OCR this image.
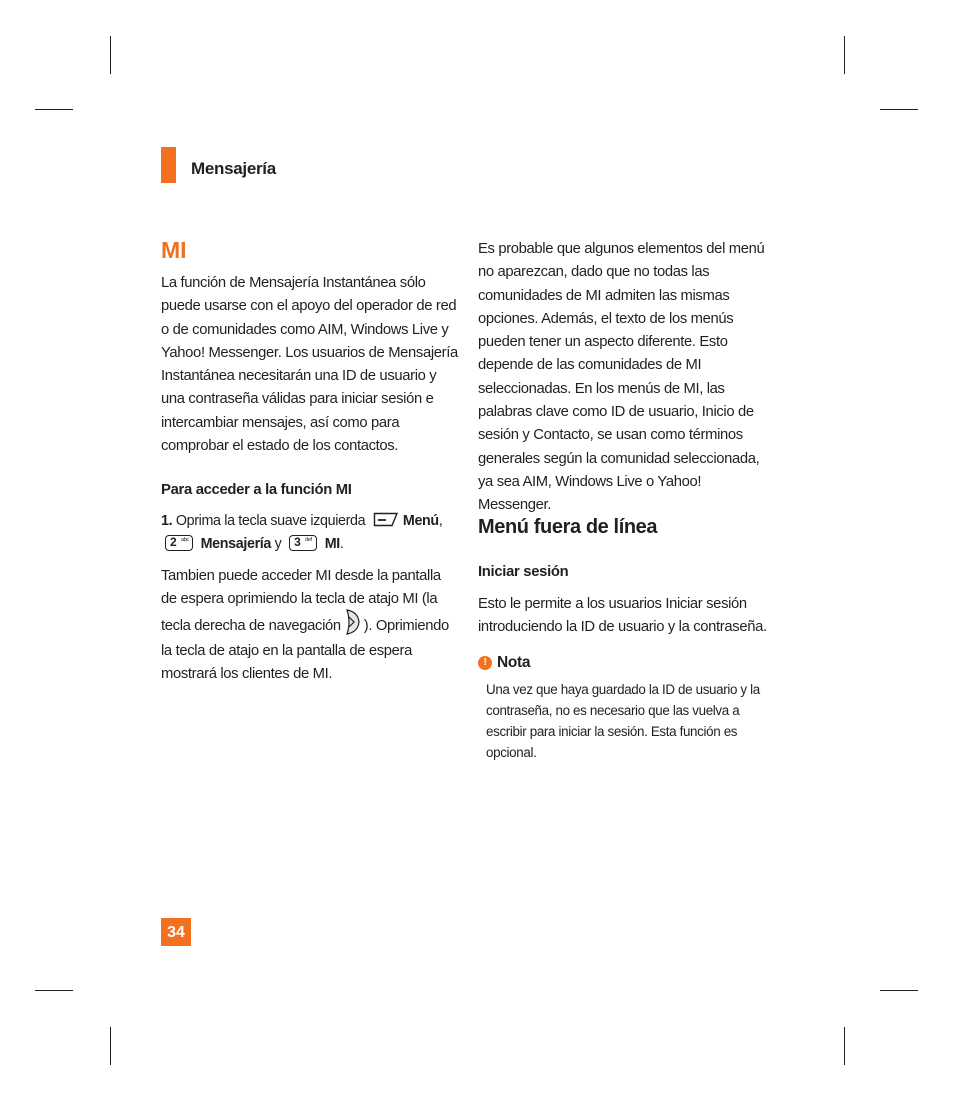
Mensajería
MI

La función de Mensajería Instantánea sólo puede usarse con el apoyo del operador de red o de comunidades como AIM, Windows Live y Yahoo! Messenger. Los usuarios de Mensajería Instantánea necesitarán una ID de usuario y una contraseña válidas para iniciar sesión e intercambiar mensajes, así como para comprobar el estado de los contactos.

Para acceder a la función MI
1. Oprima la tecla suave izquierda	Menú,

2 abc Mensajería y 3 def MI.
Tambien puede acceder MI desde la pantalla de espera oprimiendo la tecla de atajo MI (la tecla derecha de navegación ). Oprimiendo la tecla de atajo en la pantalla de espera mostrará los clientes de MI.

Es probable que algunos elementos del menú no aparezcan, dado que no todas las comunidades de MI admiten las mismas opciones. Además, el texto de los menús pueden tener un aspecto diferente. Esto depende de las comunidades de MI seleccionadas. En los menús de MI, las palabras clave como ID de usuario, Inicio de sesión y Contacto, se usan como términos generales según la comunidad seleccionada, ya sea AIM, Windows Live o Yahoo! Messenger.

Menú fuera de línea
Iniciar sesión

Esto le permite a los usuarios Iniciar sesión introduciendo la ID de usuario y la contraseña.

! Nota

Una vez que haya guardado la ID de usuario y la contraseña, no es necesario que las vuelva a escribir para iniciar la sesión. Esta función es opcional.

34
